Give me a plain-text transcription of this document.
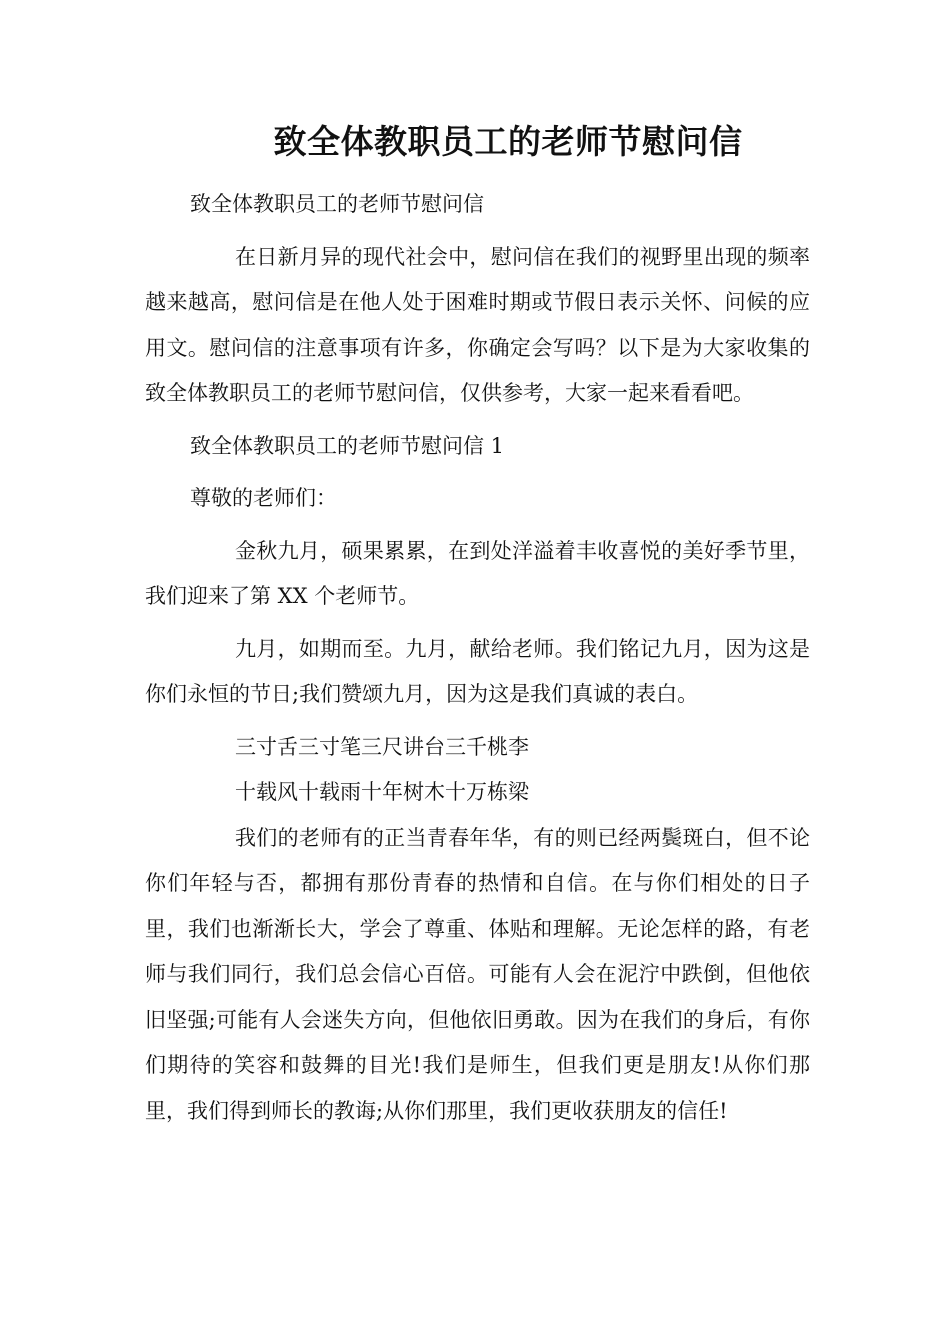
致全体教职员工的老师节慰问信

致全体教职员工的老师节慰问信

在日新月异的现代社会中，慰问信在我们的视野里出现的频率越来越高，慰问信是在他人处于困难时期或节假日表示关怀、问候的应用文。慰问信的注意事项有许多，你确定会写吗？以下是为大家收集的致全体教职员工的老师节慰问信，仅供参考，大家一起来看看吧。

致全体教职员工的老师节慰问信 1

尊敬的老师们：

金秋九月，硕果累累，在到处洋溢着丰收喜悦的美好季节里，我们迎来了第 XX 个老师节。

九月，如期而至。九月，献给老师。我们铭记九月，因为这是你们永恒的节日;我们赞颂九月，因为这是我们真诚的表白。

三寸舌三寸笔三尺讲台三千桃李

十载风十载雨十年树木十万栋梁

我们的老师有的正当青春年华，有的则已经两鬓斑白，但不论你们年轻与否，都拥有那份青春的热情和自信。在与你们相处的日子里，我们也渐渐长大，学会了尊重、体贴和理解。无论怎样的路，有老师与我们同行，我们总会信心百倍。可能有人会在泥泞中跌倒，但他依旧坚强;可能有人会迷失方向，但他依旧勇敢。因为在我们的身后，有你们期待的笑容和鼓舞的目光!我们是师生，但我们更是朋友!从你们那里，我们得到师长的教诲;从你们那里，我们更收获朋友的信任!
